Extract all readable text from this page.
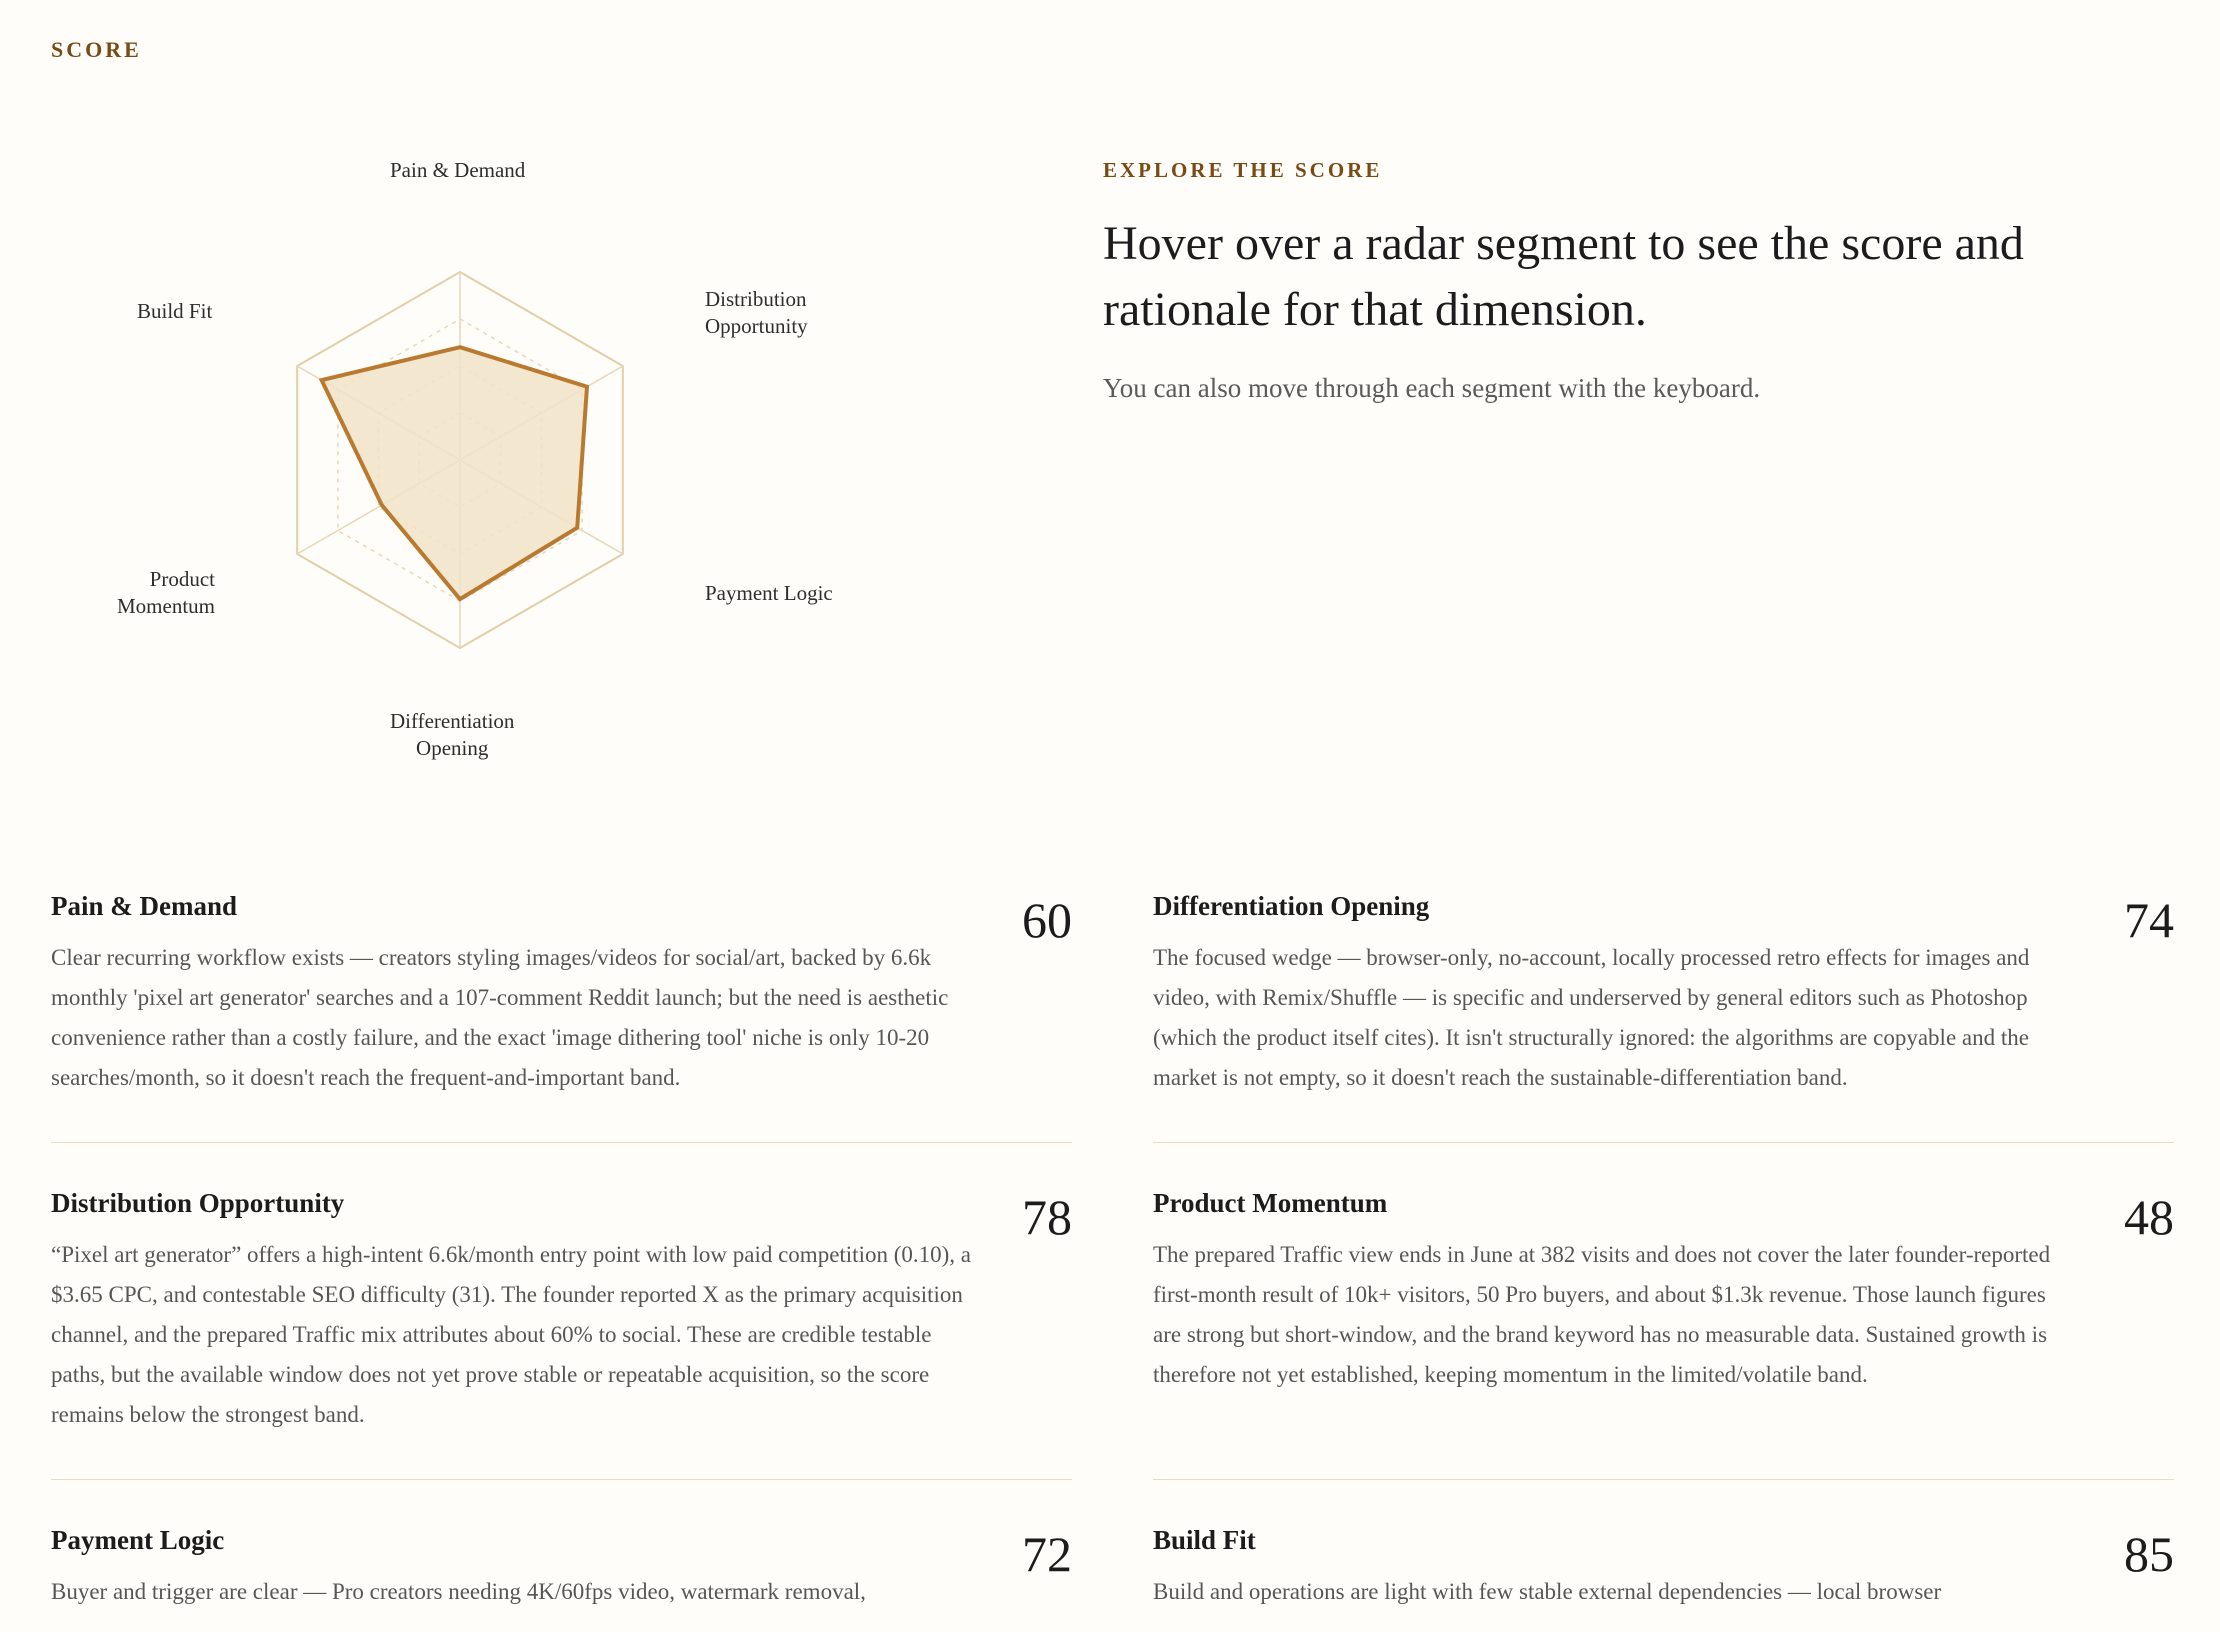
SCORE
Pain & Demand
Distribution
Opportunity
Payment Logic
Differentiation
Opening
Product
Momentum
Build Fit
EXPLORE THE SCORE
Hover over a radar segment to see the score and rationale for that dimension.

You can also move through each segment with the keyboard.

Pain & Demand	60

Clear recurring workflow exists — creators styling images/videos for social/art, backed by 6.6k monthly 'pixel art generator' searches and a 107-comment Reddit launch; but the need is aesthetic convenience rather than a costly failure, and the exact 'image dithering tool' niche is only 10-20 searches/month, so it doesn't reach the frequent-and-important band.

Differentiation Opening	74

The focused wedge — browser-only, no-account, locally processed retro effects for images and video, with Remix/Shuffle — is specific and underserved by general editors such as Photoshop (which the product itself cites). It isn't structurally ignored: the algorithms are copyable and the market is not empty, so it doesn't reach the sustainable-differentiation band.

Distribution Opportunity	78

“Pixel art generator” offers a high-intent 6.6k/month entry point with low paid competition (0.10), a $3.65 CPC, and contestable SEO difficulty (31). The founder reported X as the primary acquisition channel, and the prepared Traffic mix attributes about 60% to social. These are credible testable paths, but the available window does not yet prove stable or repeatable acquisition, so the score remains below the strongest band.

Product Momentum	48

The prepared Traffic view ends in June at 382 visits and does not cover the later founder-reported first-month result of 10k+ visitors, 50 Pro buyers, and about $1.3k revenue. Those launch figures are strong but short-window, and the brand keyword has no measurable data. Sustained growth is therefore not yet established, keeping momentum in the limited/volatile band.

Payment Logic	72

Buyer and trigger are clear — Pro creators needing 4K/60fps video, watermark removal,

Build Fit	85

Build and operations are light with few stable external dependencies — local browser
